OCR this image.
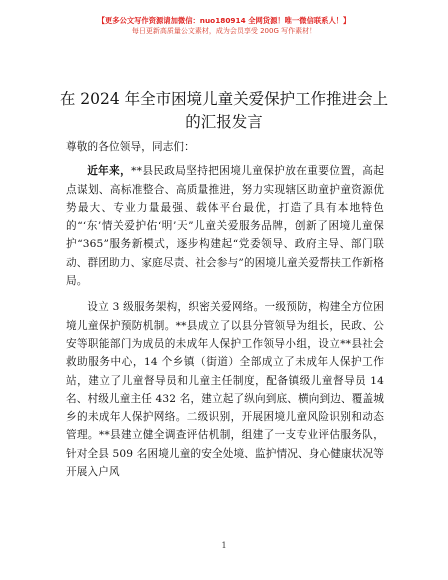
【更多公文写作资源请加微信：nuo180914 全网货源！唯一微信联系人！】
每日更新高质量公文素材，成为会员享受 200G 写作素材！
在 2024 年全市困境儿童关爱保护工作推进会上
的汇报发言

尊敬的各位领导，同志们：

近年来，**县民政局坚持把困境儿童保护放在重要位置，高起点谋划、高标准整合、高质量推进，努力实现辖区助童护童资源优势最大、专业力量最强、载体平台最优，打造了具有本地特色的“‘东’情关爱护佑‘明’天”儿童关爱服务品牌，创新了困境儿童保护“365”服务新模式，逐步构建起“党委领导、政府主导、部门联动、群团助力、家庭尽责、社会参与”的困境儿童关爱帮扶工作新格局。

设立 3 级服务架构，织密关爱网络。一级预防，构建全方位困境儿童保护预防机制。**县成立了以县分管领导为组长，民政、公安等职能部门为成员的未成年人保护工作领导小组，设立**县社会救助服务中心，14 个乡镇（街道）全部成立了未成年人保护工作站，建立了儿童督导员和儿童主任制度，配备镇级儿童督导员 14 名、村级儿童主任 432 名，建立起了纵向到底、横向到边、覆盖城乡的未成年人保护网络。二级识别，开展困境儿童风险识别和动态管理。**县建立健全调查评估机制，组建了一支专业评估服务队，针对全县 509 名困境儿童的安全处境、监护情况、身心健康状况等开展入户风

1
